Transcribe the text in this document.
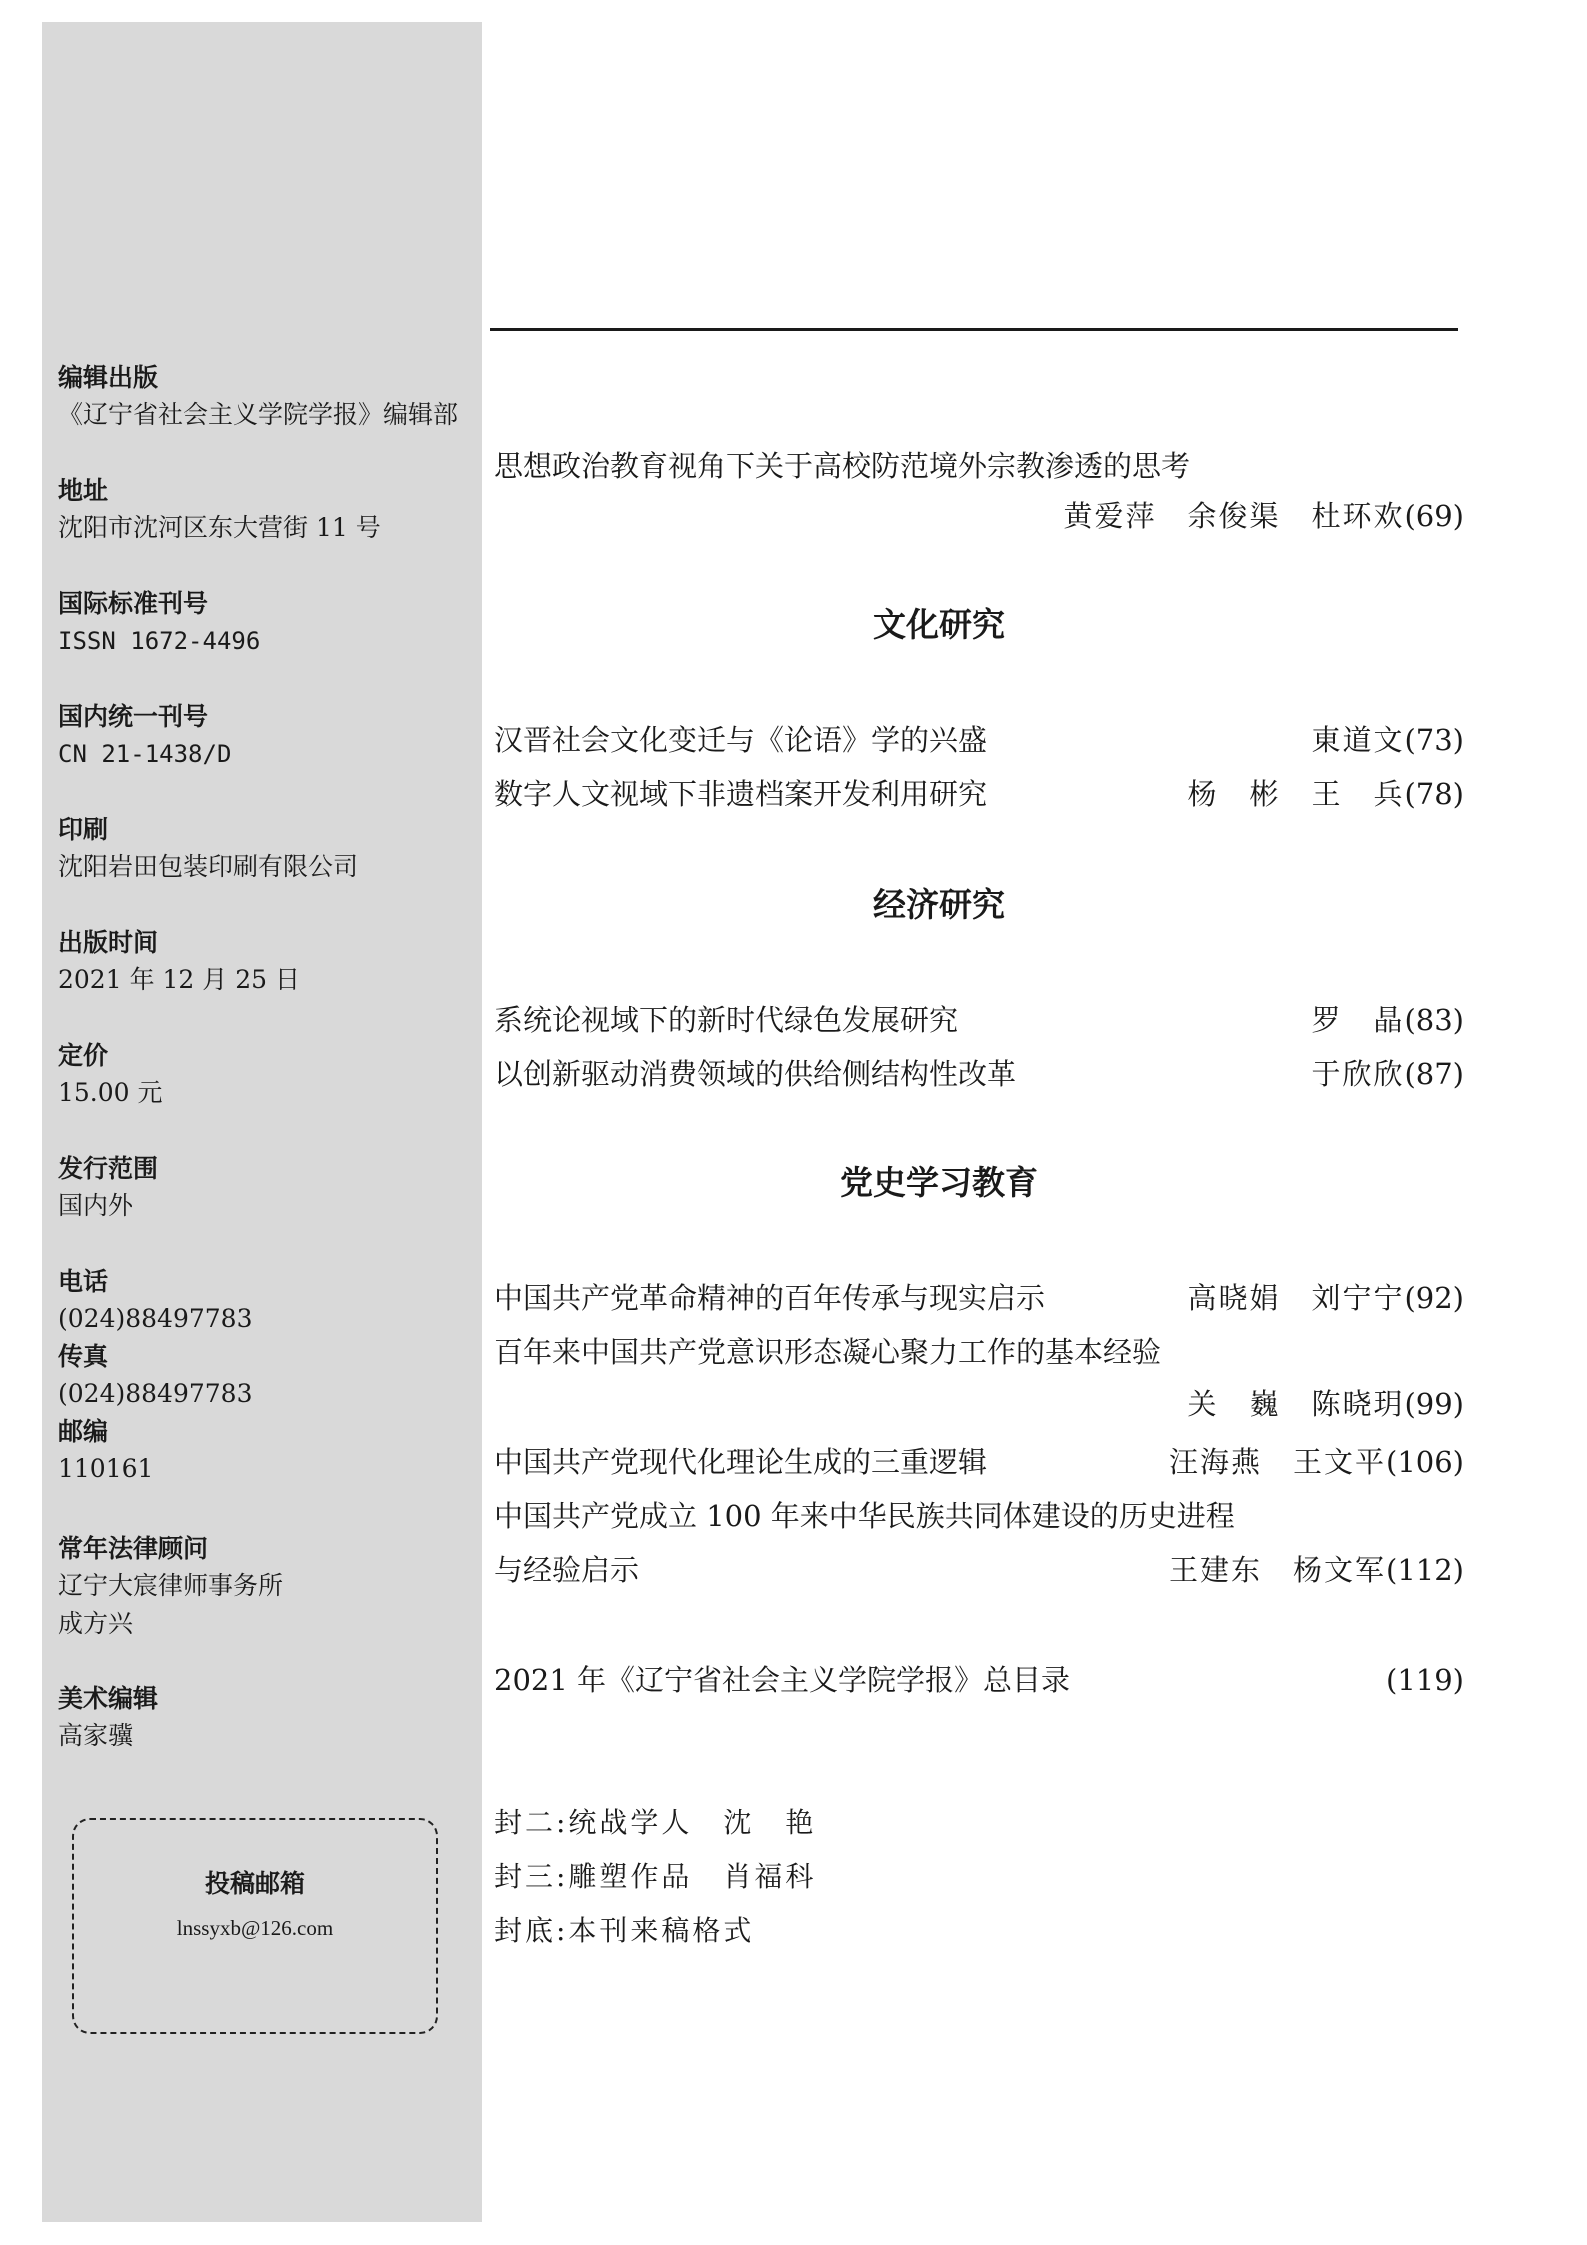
编辑出版
《辽宁省社会主义学院学报》编辑部
地址
沈阳市沈河区东大营街 11 号
国际标准刊号
ISSN 1672-4496
国内统一刊号
CN 21-1438/D
印刷
沈阳岩田包装印刷有限公司
出版时间
2021 年 12 月 25 日
定价
15.00 元
发行范围
国内外
电话
(024)88497783
传真
(024)88497783
邮编
110161
常年法律顾问
辽宁大宸律师事务所
成方兴
美术编辑
高家骥
投稿邮箱
lnssyxb@126.com
思想政治教育视角下关于高校防范境外宗教渗透的思考
黄爱萍　余俊渠　杜环欢(69)
文化研究
汉晋社会文化变迁与《论语》学的兴盛	東道文(73)
数字人文视域下非遗档案开发利用研究	杨　彬　王　兵(78)
经济研究
系统论视域下的新时代绿色发展研究	罗　晶(83)
以创新驱动消费领域的供给侧结构性改革	于欣欣(87)
党史学习教育
中国共产党革命精神的百年传承与现实启示	高晓娟　刘宁宁(92)
百年来中国共产党意识形态凝心聚力工作的基本经验
关　巍　陈晓玥(99)
中国共产党现代化理论生成的三重逻辑	汪海燕　王文平(106)
中国共产党成立 100 年来中华民族共同体建设的历史进程
与经验启示	王建东　杨文军(112)
2021 年《辽宁省社会主义学院学报》总目录	(119)
封二:统战学人　沈　艳
封三:雕塑作品　肖福科
封底:本刊来稿格式
